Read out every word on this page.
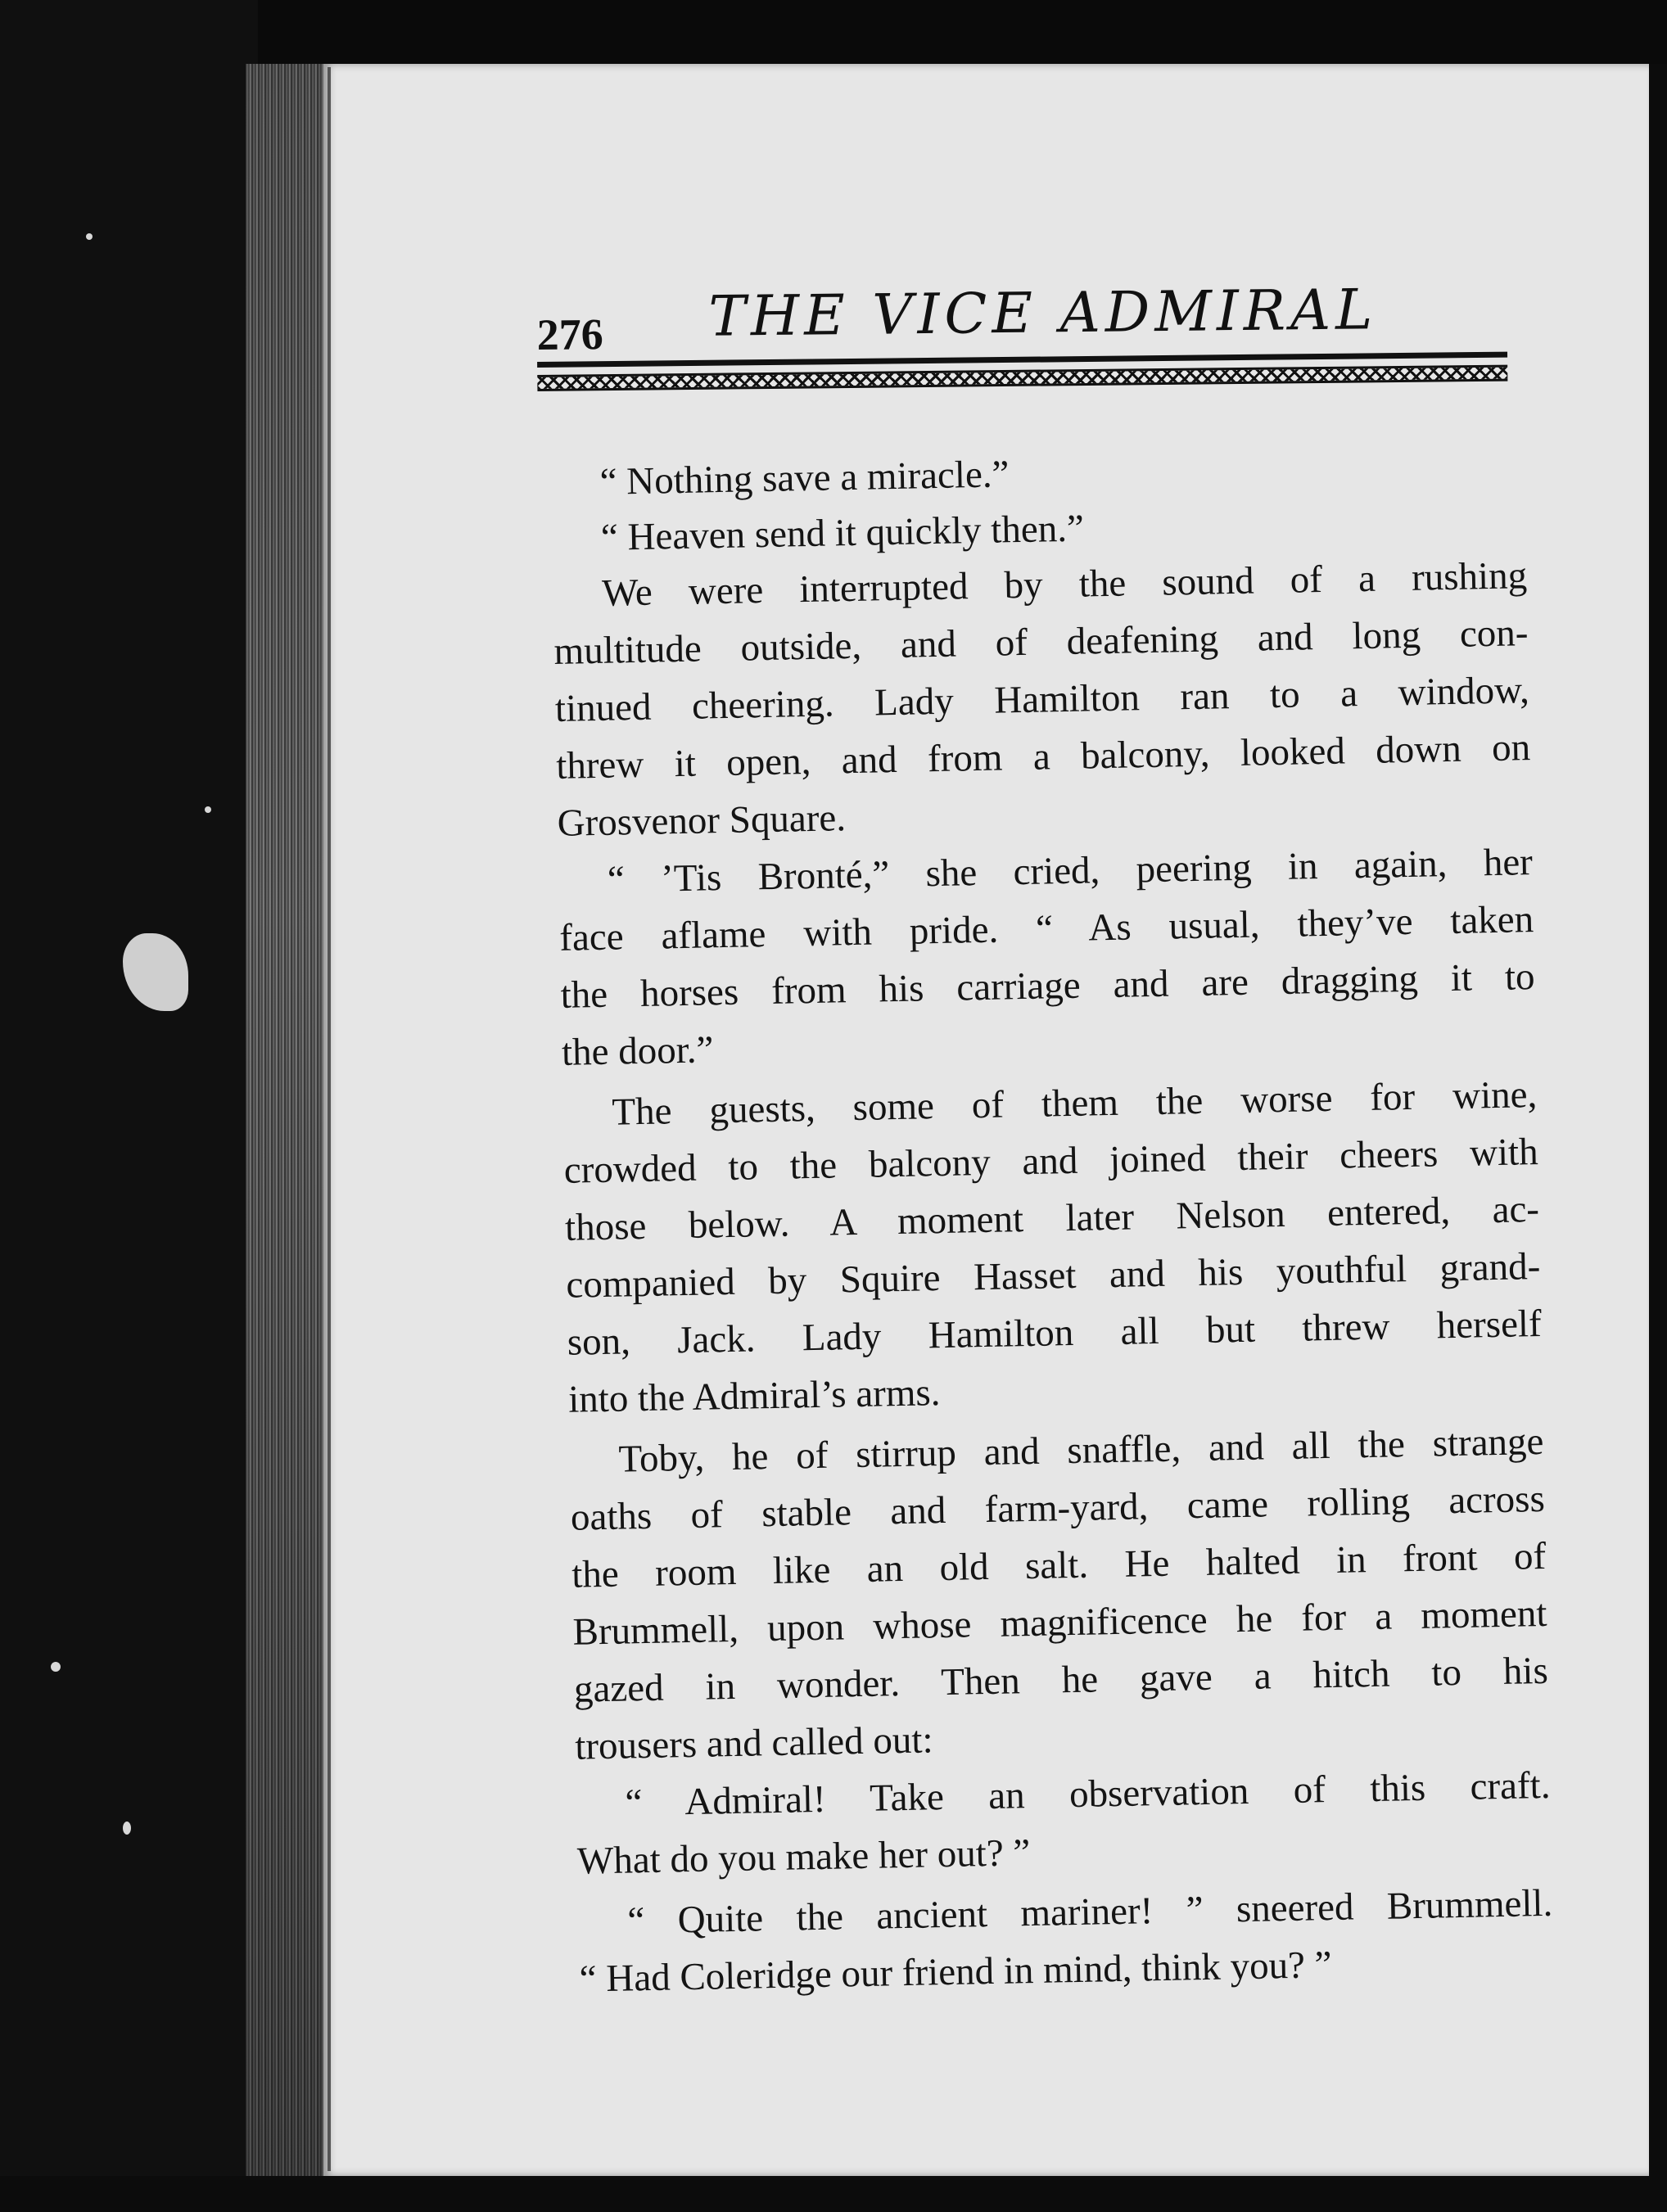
276 THE VICE ADMIRAL
“ Nothing save a miracle.”
“ Heaven send it quickly then.”
We were interrupted by the sound of a rushing
multitude outside, and of deafening and long con-
tinued cheering. Lady Hamilton ran to a window,
threw it open, and from a balcony, looked down on
Grosvenor Square.
“ ’Tis Bronté,” she cried, peering in again, her
face aflame with pride. “ As usual, they’ve taken
the horses from his carriage and are dragging it to
the door.”
The guests, some of them the worse for wine,
crowded to the balcony and joined their cheers with
those below. A moment later Nelson entered, ac-
companied by Squire Hasset and his youthful grand-
son, Jack. Lady Hamilton all but threw herself
into the Admiral’s arms.
Toby, he of stirrup and snaffle, and all the strange
oaths of stable and farm-yard, came rolling across
the room like an old salt. He halted in front of
Brummell, upon whose magnificence he for a moment
gazed in wonder. Then he gave a hitch to his
trousers and called out:
“ Admiral! Take an observation of this craft.
What do you make her out? ”
“ Quite the ancient mariner! ” sneered Brummell.
“ Had Coleridge our friend in mind, think you? ”
